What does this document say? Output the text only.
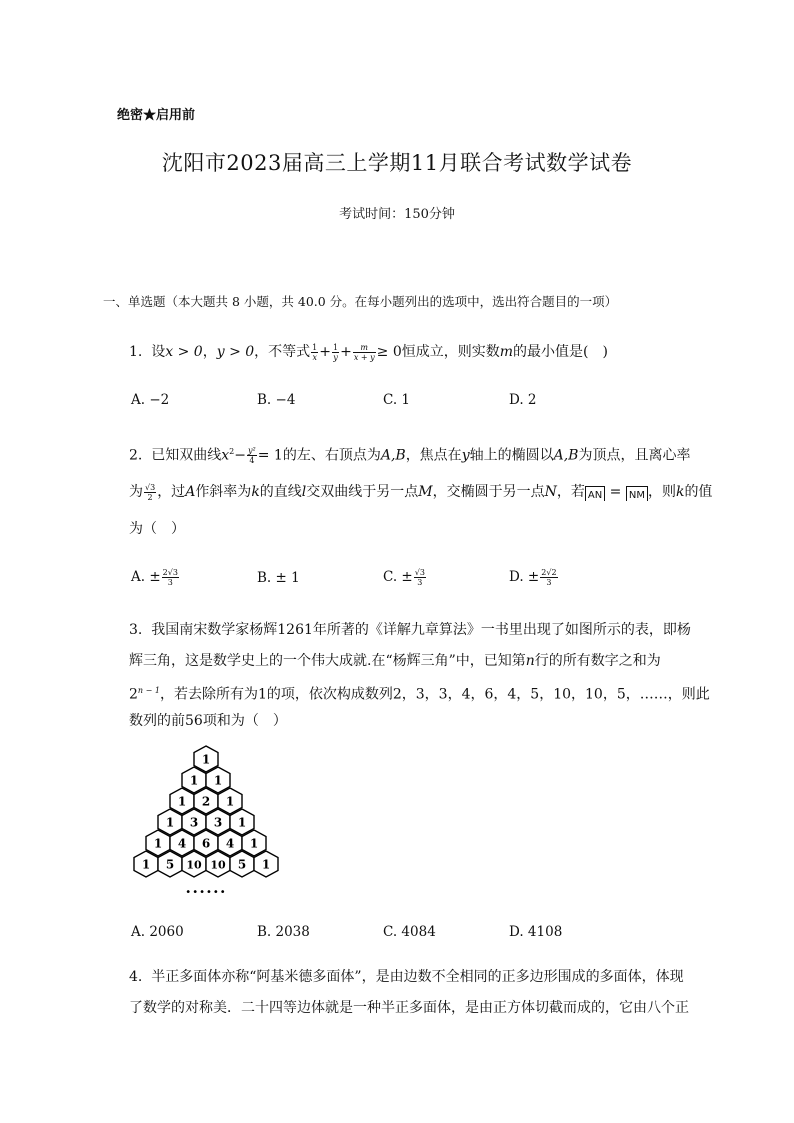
绝密★启用前
沈阳市2023届高三上学期11月联合考试数学试卷
考试时间：150分钟
一、单选题（本大题共 8 小题，共 40.0 分。在每小题列出的选项中，选出符合题目的一项）
1. 设x > 0，y > 0，不等式 $\frac{1}{x} + \frac{1}{y} + \frac{m}{x + y} \ge 0$恒成立，则实数m的最小值是(　)
A. −2	B. −4	C. 1	D. 2
2. 已知双曲线$x^2- \frac{\text{y²}}{4} = 1$的左、右顶点为A,B，焦点在y轴上的椭圆以A,B为顶点，且离心率
为 $\frac{√3}{2}$ ，过A作斜率为k的直线l交双曲线于另一点M，交椭圆于另一点N，若 AN = NM ，则k的值
为（　）
A. ± $\frac{2√3}{3}$	B. ± 1	C. ± $\frac{√3}{3}$	D. ± $\frac{2√2}{3}$
3. 我国南宋数学家杨辉1261年所著的《详解九章算法》一书里出现了如图所示的表，即杨
辉三角，这是数学史上的一个伟大成就.在“杨辉三角”中，已知第n行的所有数字之和为
$2^{n - 1}$，若去除所有为1的项，依次构成数列2，3，3，4，6，4，5，10，10，5，……，则此
数列的前56项和为（　）
1
1 1
1 2 1
1 3 3 1
1 4 6 4 1
1 5 10 10 5 1
••••••
A. 2060	B. 2038	C. 4084	D. 4108
4. 半正多面体亦称“阿基米德多面体”，是由边数不全相同的正多边形围成的多面体，体现
了数学的对称美．二十四等边体就是一种半正多面体，是由正方体切截而成的，它由八个正
